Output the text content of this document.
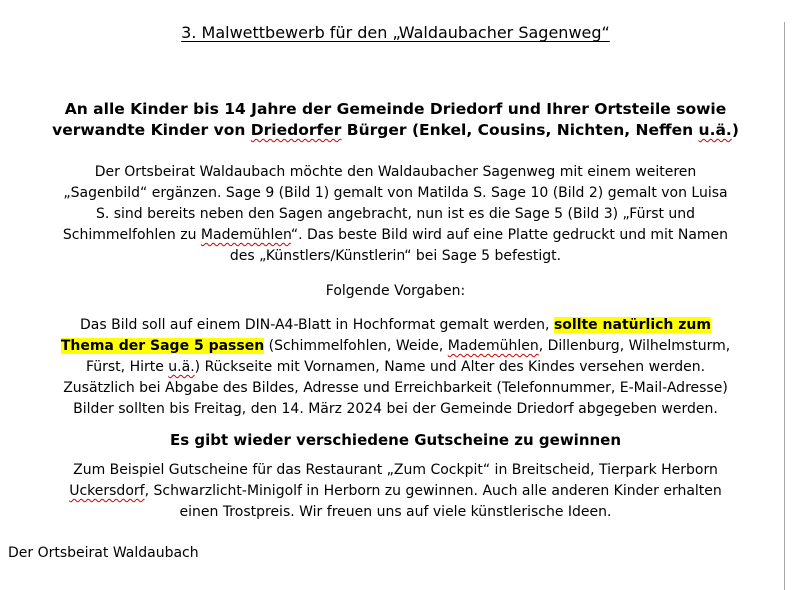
3. Malwettbewerb für den „Waldaubacher Sagenweg“
An alle Kinder bis 14 Jahre der Gemeinde Driedorf und Ihrer Ortsteile sowie
verwandte Kinder von Driedorfer Bürger (Enkel, Cousins, Nichten, Neffen u.ä.)
Der Ortsbeirat Waldaubach möchte den Waldaubacher Sagenweg mit einem weiteren
„Sagenbild“ ergänzen. Sage 9 (Bild 1) gemalt von Matilda S. Sage 10 (Bild 2) gemalt von Luisa
S. sind bereits neben den Sagen angebracht, nun ist es die Sage 5 (Bild 3) „Fürst und
Schimmelfohlen zu Mademühlen“. Das beste Bild wird auf eine Platte gedruckt und mit Namen
des „Künstlers/Künstlerin“ bei Sage 5 befestigt.
Folgende Vorgaben:
Das Bild soll auf einem DIN-A4-Blatt in Hochformat gemalt werden, sollte natürlich zum
Thema der Sage 5 passen (Schimmelfohlen, Weide, Mademühlen, Dillenburg, Wilhelmsturm,
Fürst, Hirte u.ä.) Rückseite mit Vornamen, Name und Alter des Kindes versehen werden.
Zusätzlich bei Abgabe des Bildes, Adresse und Erreichbarkeit (Telefonnummer, E-Mail-Adresse)
Bilder sollten bis Freitag, den 14. März 2024 bei der Gemeinde Driedorf abgegeben werden.
Es gibt wieder verschiedene Gutscheine zu gewinnen
Zum Beispiel Gutscheine für das Restaurant „Zum Cockpit“ in Breitscheid, Tierpark Herborn
Uckersdorf, Schwarzlicht-Minigolf in Herborn zu gewinnen. Auch alle anderen Kinder erhalten
einen Trostpreis. Wir freuen uns auf viele künstlerische Ideen.
Der Ortsbeirat Waldaubach
